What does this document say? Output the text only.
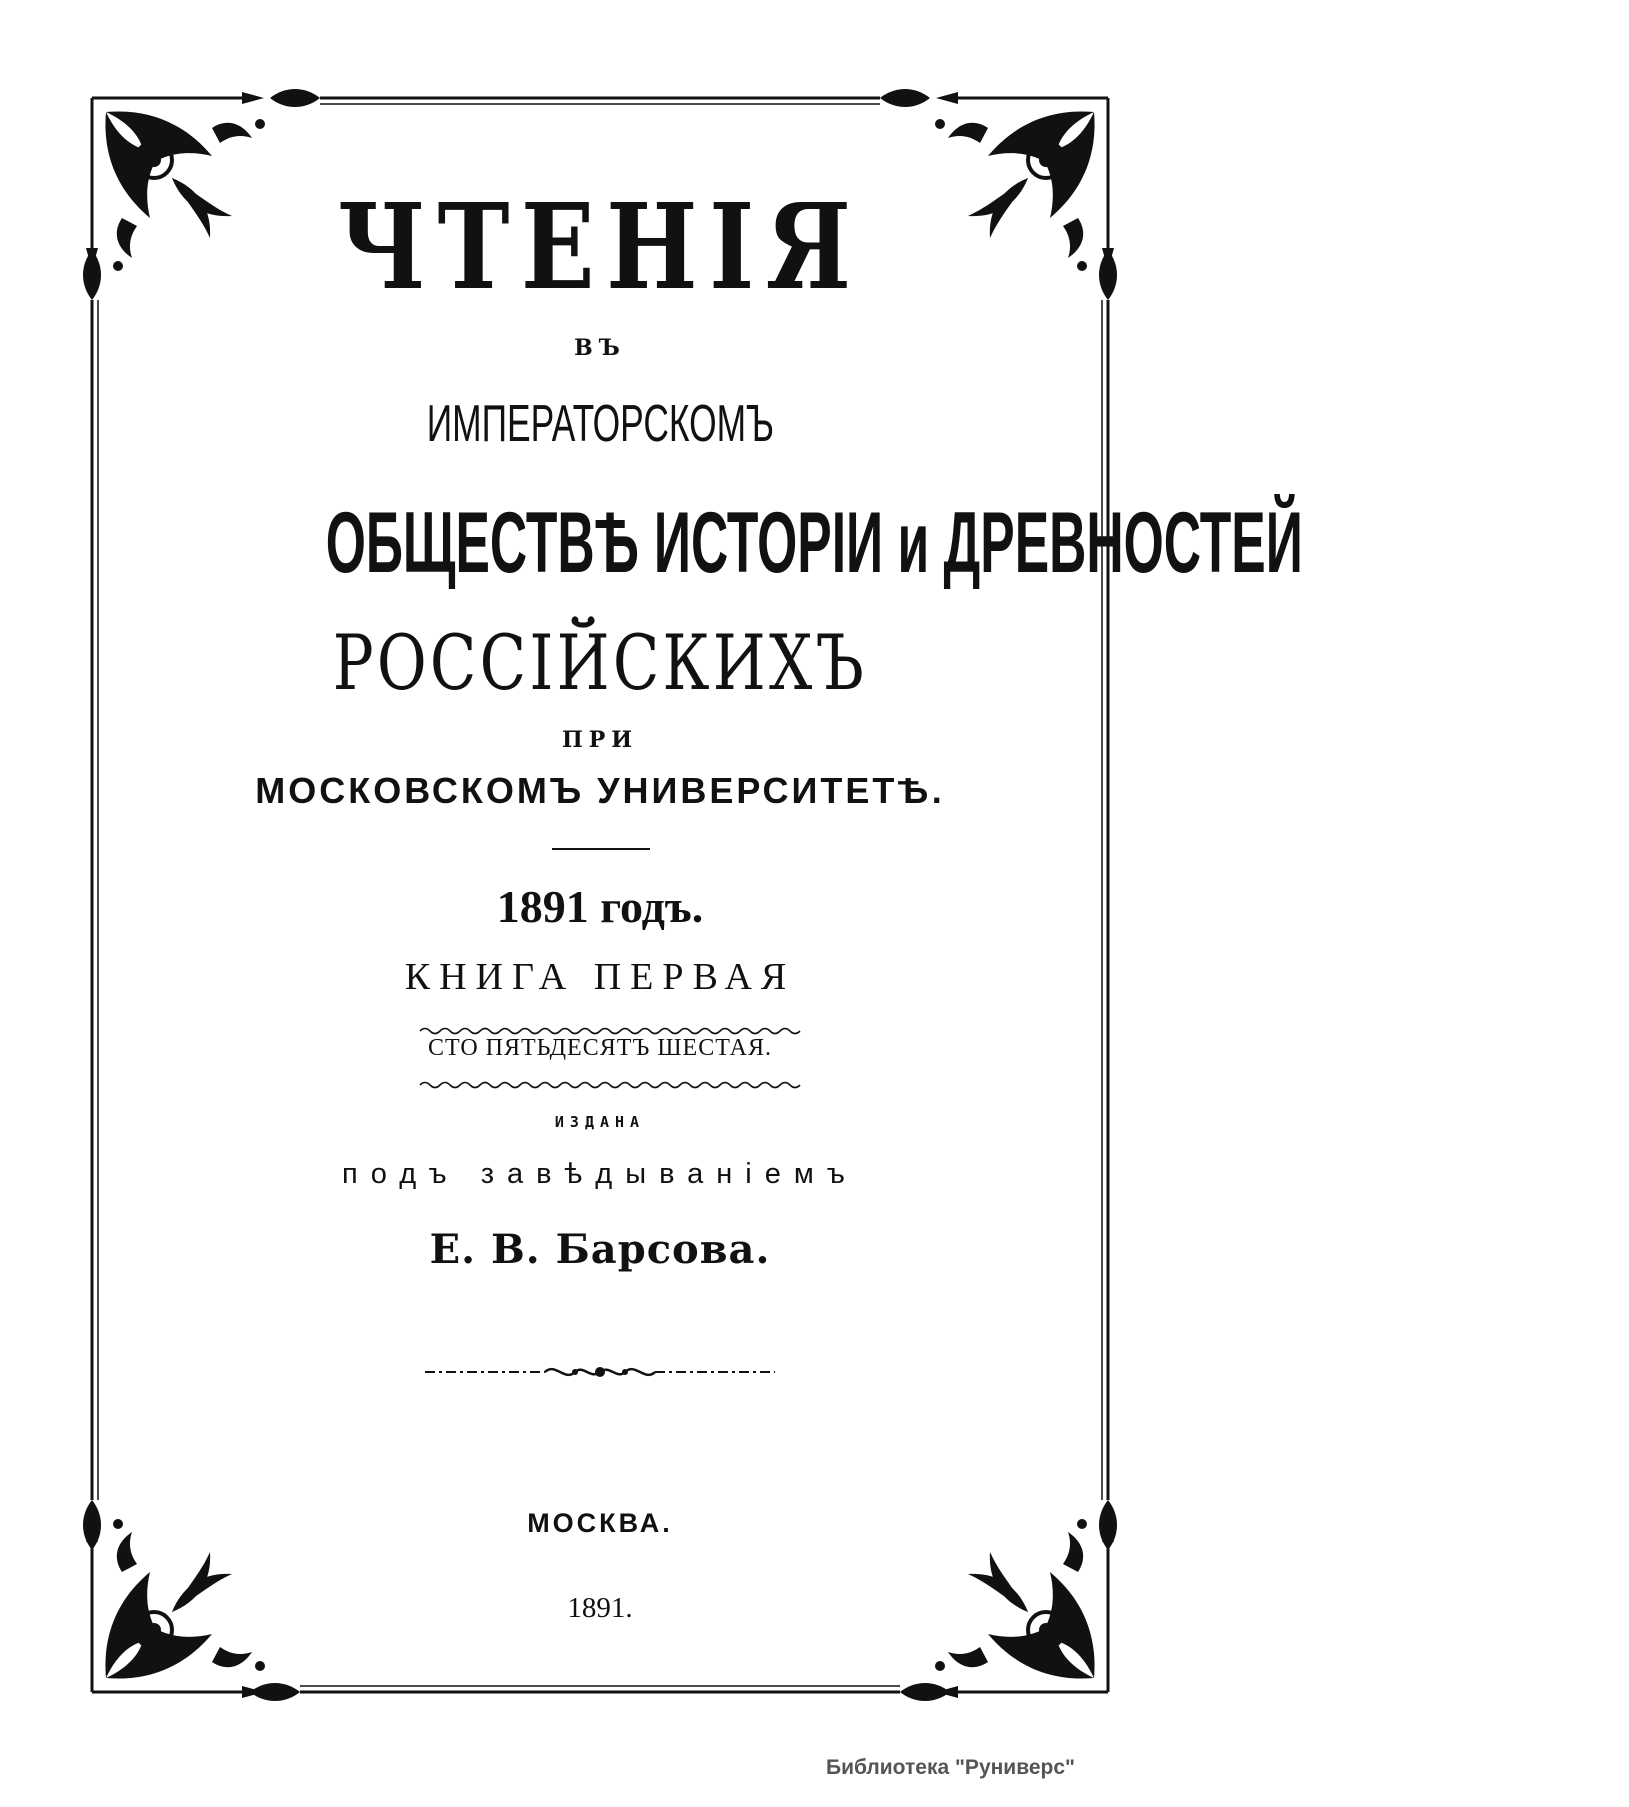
ЧТЕНІЯ
ВЪ
ИМПЕРАТОРСКОМЪ
ОБЩЕСТВѢ ИСТОРІИ и ДРЕВНОСТЕЙ
РОССІЙСКИХЪ
ПРИ
МОСКОВСКОМЪ УНИВЕРСИТЕТѢ.
1891 годъ.
КНИГА ПЕРВАЯ
СТО ПЯТЬДЕСЯТЪ ШЕСТАЯ.
ИЗДАНА
подъ завѣдываніемъ
Е. В. Барсова.
МОСКВА.
1891.
Библиотека "Руниверс"
